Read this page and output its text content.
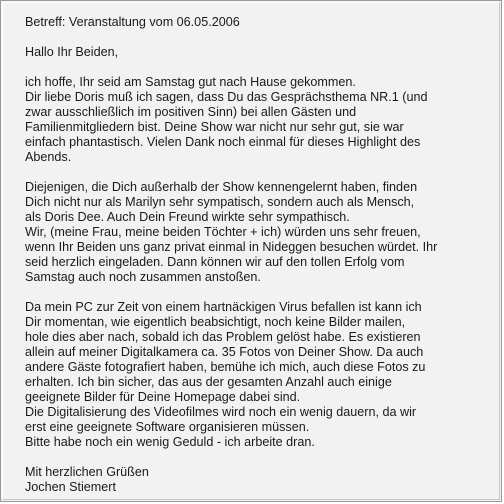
Betreff: Veranstaltung vom 06.05.2006
Hallo Ihr Beiden,
ich hoffe, Ihr seid am Samstag gut nach Hause gekommen.
Dir liebe Doris muß ich sagen, dass Du das Gesprächsthema NR.1 (und
zwar ausschließlich im positiven Sinn) bei allen Gästen und
Familienmitgliedern bist. Deine Show war nicht nur sehr gut, sie war
einfach phantastisch. Vielen Dank noch einmal für dieses Highlight des
Abends.
Diejenigen, die Dich außerhalb der Show kennengelernt haben, finden
Dich nicht nur als Marilyn sehr sympatisch, sondern auch als Mensch,
als Doris Dee. Auch Dein Freund wirkte sehr sympathisch.
Wir, (meine Frau, meine beiden Töchter + ich) würden uns sehr freuen,
wenn Ihr Beiden uns ganz privat einmal in Nideggen besuchen würdet. Ihr
seid herzlich eingeladen. Dann können wir auf den tollen Erfolg vom
Samstag auch noch zusammen anstoßen.
Da mein PC zur Zeit von einem hartnäckigen Virus befallen ist kann ich
Dir momentan, wie eigentlich beabsichtigt, noch keine Bilder mailen,
hole dies aber nach, sobald ich das Problem gelöst habe. Es existieren
allein auf meiner Digitalkamera ca. 35 Fotos von Deiner Show. Da auch
andere Gäste fotografiert haben, bemühe ich mich, auch diese Fotos zu
erhalten. Ich bin sicher, das aus der gesamten Anzahl auch einige
geeignete Bilder für Deine Homepage dabei sind.
Die Digitalisierung des Videofilmes wird noch ein wenig dauern, da wir
erst eine geeignete Software organisieren müssen.
Bitte habe noch ein wenig Geduld - ich arbeite dran.
Mit herzlichen Grüßen
Jochen Stiemert
